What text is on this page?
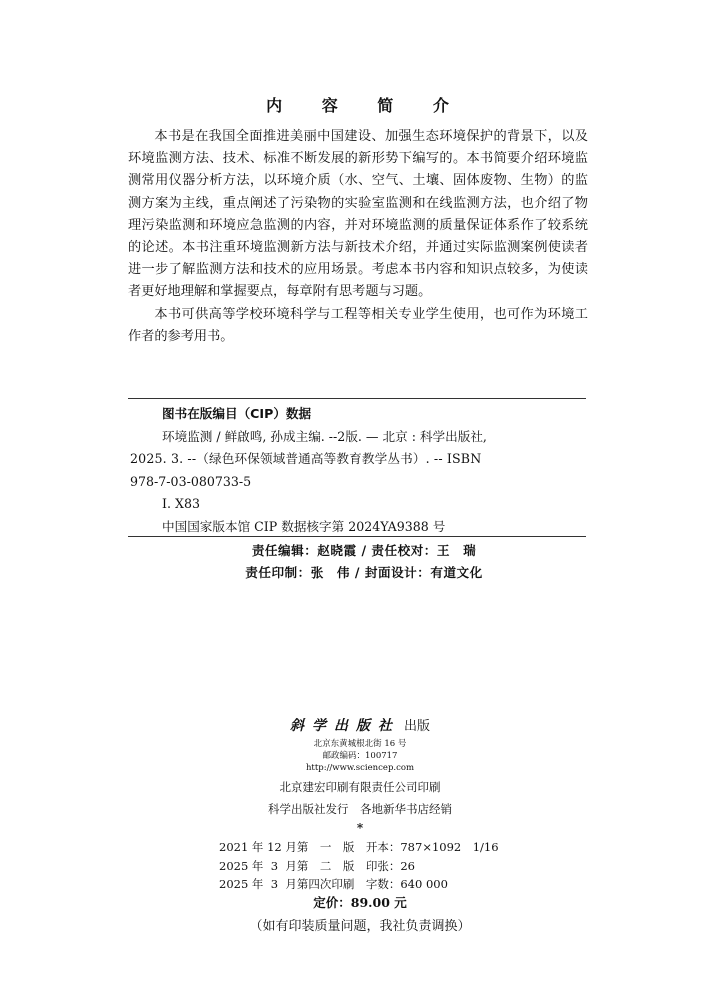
内 容 简 介

本书是在我国全面推进美丽中国建设、加强生态环境保护的背景下，以及环境监测方法、技术、标准不断发展的新形势下编写的。本书简要介绍环境监测常用仪器分析方法，以环境介质（水、空气、土壤、固体废物、生物）的监测方案为主线，重点阐述了污染物的实验室监测和在线监测方法，也介绍了物理污染监测和环境应急监测的内容，并对环境监测的质量保证体系作了较系统的论述。本书注重环境监测新方法与新技术介绍，并通过实际监测案例使读者进一步了解监测方法和技术的应用场景。考虑本书内容和知识点较多，为使读者更好地理解和掌握要点，每章附有思考题与习题。

本书可供高等学校环境科学与工程等相关专业学生使用，也可作为环境工作者的参考用书。

图书在版编目（CIP）数据
环境监测 / 鲜啟鸣, 孙成主编. --2版. — 北京 : 科学出版社,
2025. 3. --（绿色环保领域普通高等教育教学丛书）. -- ISBN
978-7-03-080733-5
Ⅰ. X83
中国国家版本馆 CIP 数据核字第 2024YA9388 号
责任编辑：赵晓霞 / 责任校对：王　瑞
责任印制：张　伟 / 封面设计：有道文化
斜学出版社 出版
北京东黄城根北街 16 号
邮政编码：100717
http://www.sciencep.com
北京建宏印刷有限责任公司印刷
科学出版社发行　各地新华书店经销
*
2021 年 12 月第　一　版　开本：787×1092　1/16
2025 年  3  月第　二　版　印张：26
2025 年  3  月第四次印刷　字数：640 000
定价：89.00 元
（如有印装质量问题，我社负责调换）
